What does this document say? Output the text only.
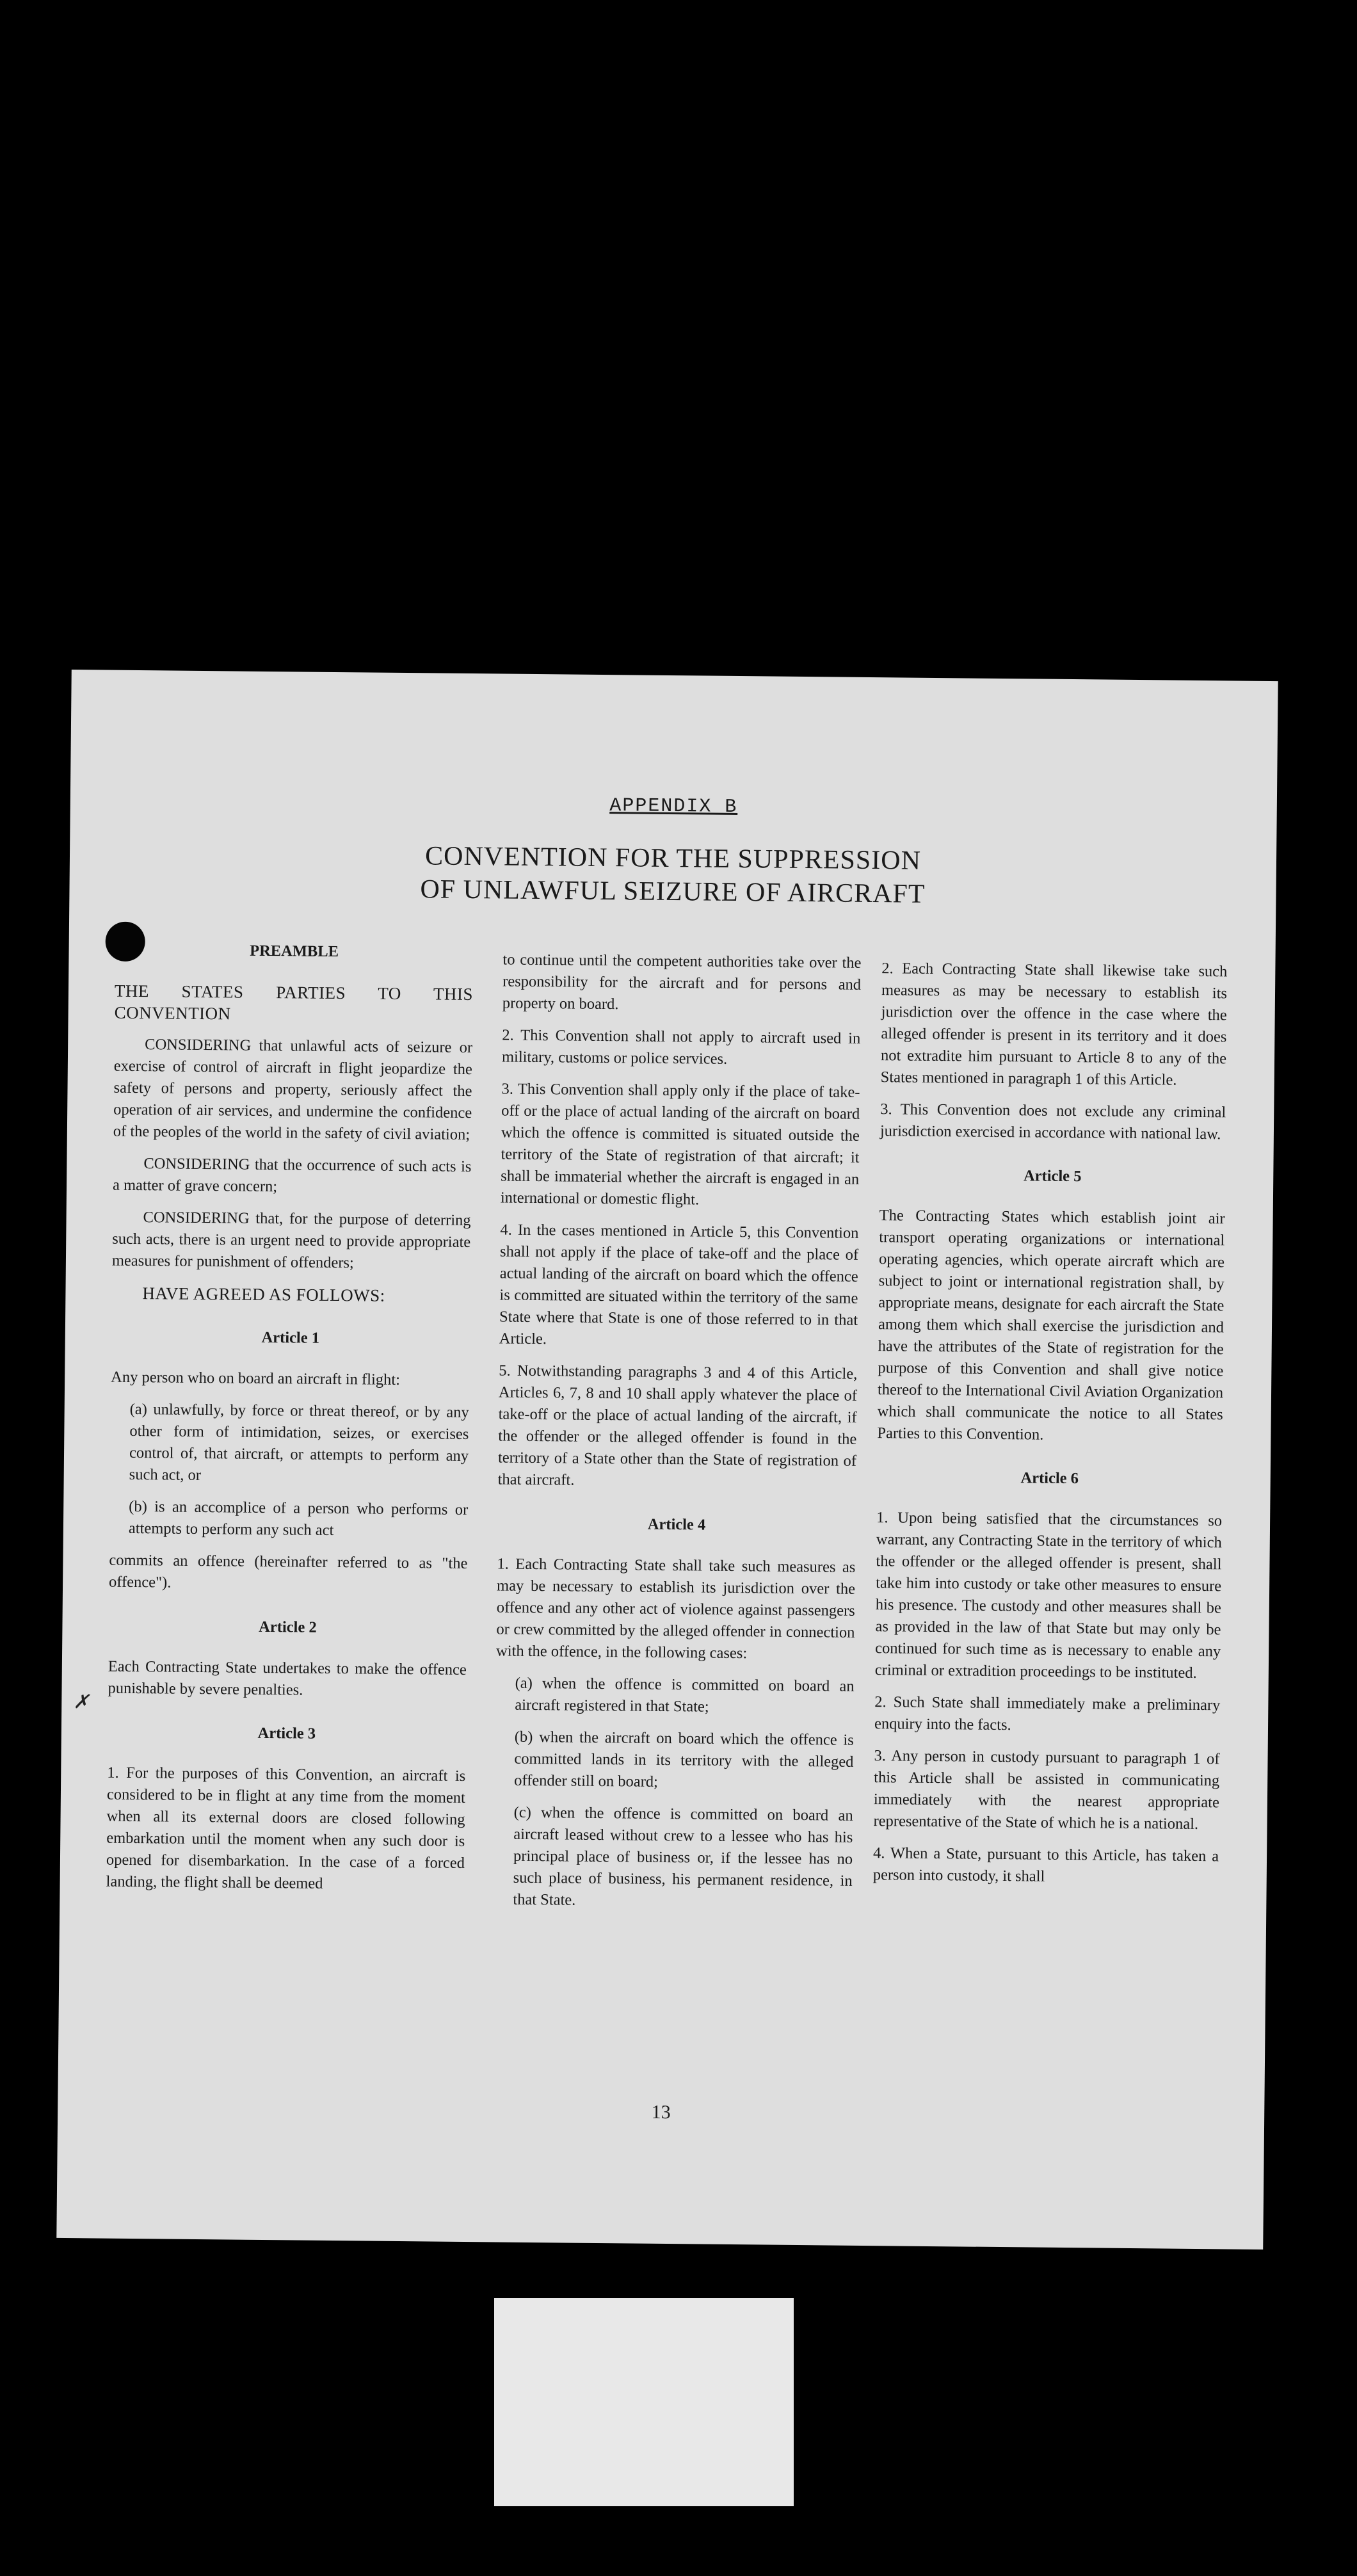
✗
APPENDIX B
CONVENTION FOR THE SUPPRESSION
OF UNLAWFUL SEIZURE OF AIRCRAFT

PREAMBLE

THE STATES PARTIES TO THIS CONVENTION

CONSIDERING that unlawful acts of seizure or exercise of control of aircraft in flight jeopardize the safety of persons and property, seriously affect the operation of air services, and undermine the confidence of the peoples of the world in the safety of civil aviation;

CONSIDERING that the occurrence of such acts is a matter of grave concern;

CONSIDERING that, for the purpose of deterring such acts, there is an urgent need to provide appropriate measures for punishment of offenders;

HAVE AGREED AS FOLLOWS:

Article 1

Any person who on board an aircraft in flight:

(a) unlawfully, by force or threat thereof, or by any other form of intimidation, seizes, or exercises control of, that aircraft, or attempts to perform any such act, or

(b) is an accomplice of a person who performs or attempts to perform any such act

commits an offence (hereinafter referred to as "the offence").

Article 2

Each Contracting State undertakes to make the offence punishable by severe penalties.

Article 3

1. For the purposes of this Convention, an aircraft is considered to be in flight at any time from the moment when all its external doors are closed following embarkation until the moment when any such door is opened for disembarkation. In the case of a forced landing, the flight shall be deemed

to continue until the competent authorities take over the responsibility for the aircraft and for persons and property on board.

2. This Convention shall not apply to aircraft used in military, customs or police services.

3. This Convention shall apply only if the place of take-off or the place of actual landing of the aircraft on board which the offence is committed is situated outside the territory of the State of registration of that aircraft; it shall be immaterial whether the aircraft is engaged in an international or domestic flight.

4. In the cases mentioned in Article 5, this Convention shall not apply if the place of take-off and the place of actual landing of the aircraft on board which the offence is committed are situated within the territory of the same State where that State is one of those referred to in that Article.

5. Notwithstanding paragraphs 3 and 4 of this Article, Articles 6, 7, 8 and 10 shall apply whatever the place of take-off or the place of actual landing of the aircraft, if the offender or the alleged offender is found in the territory of a State other than the State of registration of that aircraft.

Article 4

1. Each Contracting State shall take such measures as may be necessary to establish its jurisdiction over the offence and any other act of violence against passengers or crew committed by the alleged offender in connection with the offence, in the following cases:

(a) when the offence is committed on board an aircraft registered in that State;

(b) when the aircraft on board which the offence is committed lands in its territory with the alleged offender still on board;

(c) when the offence is committed on board an aircraft leased without crew to a lessee who has his principal place of business or, if the lessee has no such place of business, his permanent residence, in that State.

2. Each Contracting State shall likewise take such measures as may be necessary to establish its jurisdiction over the offence in the case where the alleged offender is present in its territory and it does not extradite him pursuant to Article 8 to any of the States mentioned in paragraph 1 of this Article.

3. This Convention does not exclude any criminal jurisdiction exercised in accordance with national law.

Article 5

The Contracting States which establish joint air transport operating organizations or international operating agencies, which operate aircraft which are subject to joint or international registration shall, by appropriate means, designate for each aircraft the State among them which shall exercise the jurisdiction and have the attributes of the State of registration for the purpose of this Convention and shall give notice thereof to the International Civil Aviation Organization which shall communicate the notice to all States Parties to this Convention.

Article 6

1. Upon being satisfied that the circumstances so warrant, any Contracting State in the territory of which the offender or the alleged offender is present, shall take him into custody or take other measures to ensure his presence. The custody and other measures shall be as provided in the law of that State but may only be continued for such time as is necessary to enable any criminal or extradition proceedings to be instituted.

2. Such State shall immediately make a preliminary enquiry into the facts.

3. Any person in custody pursuant to paragraph 1 of this Article shall be assisted in communicating immediately with the nearest appropriate representative of the State of which he is a national.

4. When a State, pursuant to this Article, has taken a person into custody, it shall

13
